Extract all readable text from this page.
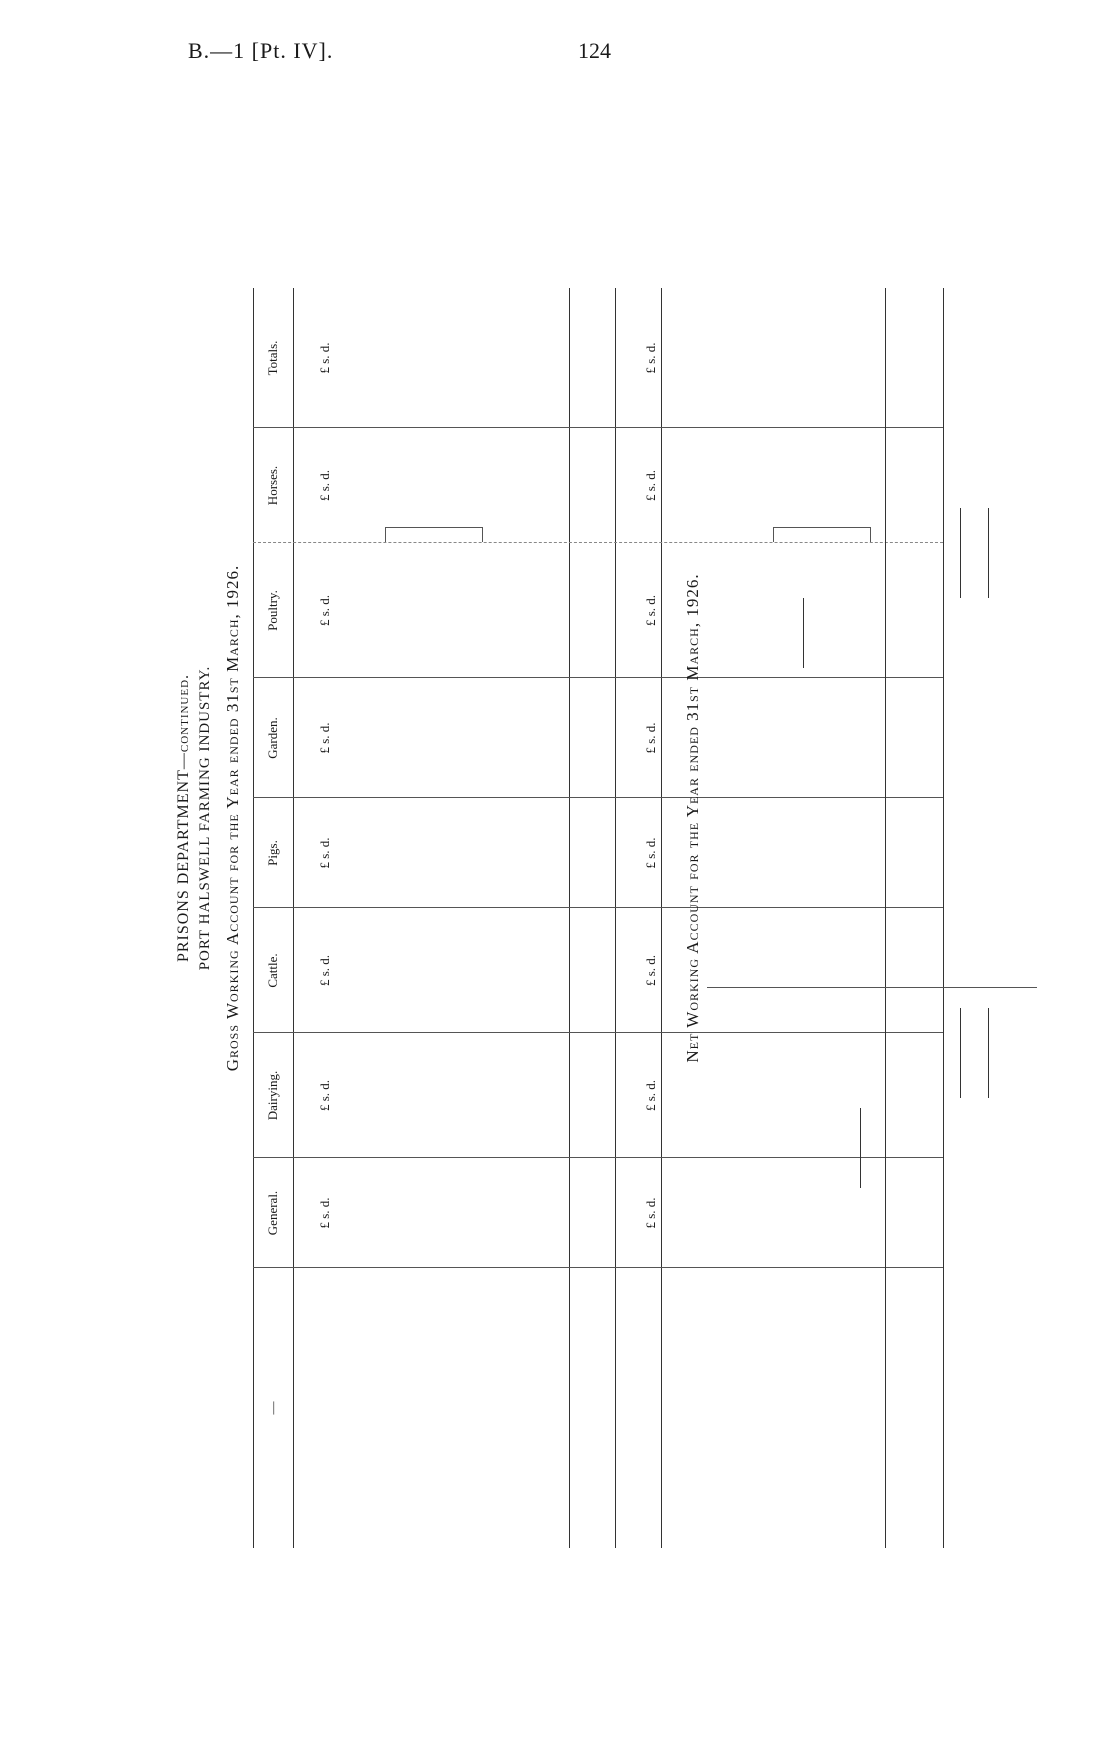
B.—1 [Pt. IV].	124
PRISONS DEPARTMENT—continued. PORT HALSWELL FARMING INDUSTRY. Gross Working Account for the Year ended 31st March, 1926.
—
General.
Dairying.
Cattle.
Pigs.
Garden.
Poultry.
Horses.
Totals.
£ s. d.
£ s. d.
£ s. d.
£ s. d.
£ s. d.
£ s. d.
£ s. d.
£ s. d.
£ s. d.
£ s. d.
£ s. d.
£ s. d.
£ s. d.
£ s. d.
£ s. d.
£ s. d.
Net Working Account for the Year ended 31st March, 1926.
